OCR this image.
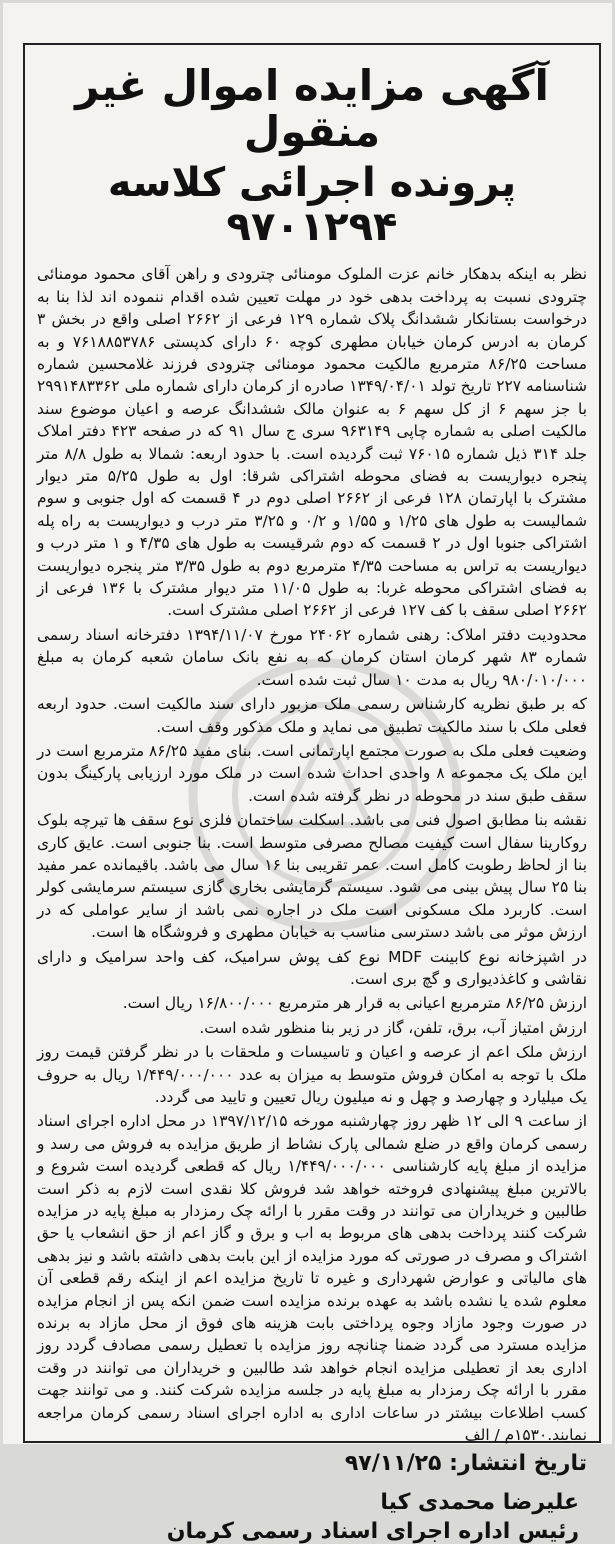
آگهی مزایده اموال غیر منقول
پرونده اجرائی کلاسه ۹۷۰۱۲۹۴

نظر به اینکه بدهکار خانم عزت الملوک مومنائی چترودی و راهن آقای محمود مومنائی چترودی نسبت به پرداخت بدهی خود در مهلت تعیین شده اقدام ننموده اند لذا بنا به درخواست بستانکار ششدانگ پلاک شماره ۱۲۹ فرعی از ۲۶۶۲ اصلی واقع در بخش ۳ کرمان به ادرس کرمان خیابان مطهری کوچه ۶۰ دارای کدپستی ۷۶۱۸۸۵۳۷۸۶ و به مساحت ۸۶/۲۵ مترمربع مالکیت محمود مومنائی چترودی فرزند غلامحسین شماره شناسنامه ۲۲۷ تاریخ تولد ۱۳۴۹/۰۴/۰۱ صادره از کرمان دارای شماره ملی ۲۹۹۱۴۸۳۳۶۲ با جز سهم ۶ از کل سهم ۶ به عنوان مالک ششدانگ عرصه و اعیان موضوع سند مالکیت اصلی به شماره چاپی ۹۶۳۱۴۹ سری ج سال ۹۱ که در صفحه ۴۲۳ دفتر املاک جلد ۳۱۴ ذیل شماره ۷۶۰۱۵ ثبت گردیده است. با حدود اربعه: شمالا به طول ۸/۸ متر پنجره دیواریست به فضای محوطه اشتراکی شرقا: اول به طول ۵/۲۵ متر دیوار مشترک با اپارتمان ۱۲۸ فرعی از ۲۶۶۲ اصلی دوم در ۴ قسمت که اول جنوبی و سوم شمالیست به طول های ۱/۲۵ و ۱/۵۵ و ۰/۲ و ۳/۲۵ متر درب و دیواریست به راه پله اشتراکی جنوبا اول در ۲ قسمت که دوم شرقیست به طول های ۴/۳۵ و ۱ متر درب و دیواریست به تراس به مساحت ۴/۳۵ مترمربع دوم به طول ۳/۳۵ متر پنجره دیواریست به فضای اشتراکی محوطه غربا: به طول ۱۱/۰۵ متر دیوار مشترک با ۱۳۶ فرعی از ۲۶۶۲ اصلی سقف با کف ۱۲۷ فرعی از ۲۶۶۲ اصلی مشترک است.

محدودیت دفتر املاک: رهنی شماره ۲۴۰۶۲ مورخ ۱۳۹۴/۱۱/۰۷ دفترخانه اسناد رسمی شماره ۸۳ شهر کرمان استان کرمان که به نفع بانک سامان شعبه کرمان به مبلغ ۹۸۰/۰۱۰/۰۰۰ ریال به مدت ۱۰ سال ثبت شده است.

که بر طبق نظریه کارشناس رسمی ملک مزبور دارای سند مالکیت است. حدود اربعه فعلی ملک با سند مالکیت تطبیق می نماید و ملک مذکور وقف است.

وضعیت فعلی ملک به صورت مجتمع اپارتمانی است. بنای مفید ۸۶/۲۵ مترمربع است در این ملک یک مجموعه ۸ واحدی احداث شده است در ملک مورد ارزیابی پارکینگ بدون سقف طبق سند در محوطه در نظر گرفته شده است.

نقشه بنا مطابق اصول فنی می باشد. اسکلت ساختمان فلزی نوع سقف ها تیرچه بلوک روکارینا سفال است کیفیت مصالح مصرفی متوسط است. بنا جنوبی است. عایق کاری بنا از لحاظ رطوبت کامل است. عمر تقریبی بنا ۱۶ سال می باشد. باقیمانده عمر مفید بنا ۲۵ سال پیش بینی می شود. سیستم گرمایشی بخاری گازی سیستم سرمایشی کولر است. کاربرد ملک مسکونی است ملک در اجاره نمی باشد از سایر عواملی که در ارزش موثر می باشد دسترسی مناسب به خیابان مطهری و فروشگاه ها است.

در اشپزخانه نوع کابینت MDF نوع کف پوش سرامیک، کف واحد سرامیک و دارای نقاشی و کاغذدیواری و گچ بری است.

ارزش ۸۶/۲۵ مترمربع اعیانی به قرار هر مترمربع ۱۶/۸۰۰/۰۰۰ ریال است.

ارزش امتیاز آب، برق، تلفن، گاز در زیر بنا منظور شده است.

ارزش ملک اعم از عرصه و اعیان و تاسیسات و ملحقات با در نظر گرفتن قیمت روز ملک با توجه به امکان فروش متوسط به میزان به عدد ۱/۴۴۹/۰۰۰/۰۰۰ ریال به حروف یک میلیارد و چهارصد و چهل و نه میلیون ریال تعیین و تایید می گردد.

از ساعت ۹ الی ۱۲ ظهر روز چهارشنبه مورخه ۱۳۹۷/۱۲/۱۵ در محل اداره اجرای اسناد رسمی کرمان واقع در ضلع شمالی پارک نشاط از طریق مزایده به فروش می رسد و مزایده از مبلغ پایه کارشناسی ۱/۴۴۹/۰۰۰/۰۰۰ ریال که قطعی گردیده است شروع و بالاترین مبلغ پیشنهادی فروخته خواهد شد فروش کلا نقدی است لازم به ذکر است طالبین و خریداران می توانند در وقت مقرر با ارائه چک رمزدار به مبلغ پایه در مزایده شرکت کنند پرداخت بدهی های مربوط به اب و برق و گاز اعم از حق انشعاب یا حق اشتراک و مصرف در صورتی که مورد مزایده از این بابت بدهی داشته باشد و نیز بدهی های مالیاتی و عوارض شهرداری و غیره تا تاریخ مزایده اعم از اینکه رقم قطعی آن معلوم شده یا نشده باشد به عهده برنده مزایده است ضمن انکه پس از انجام مزایده در صورت وجود مازاد وجوه پرداختی بابت هزینه های فوق از محل مازاد به برنده مزایده مسترد می گردد ضمنا چنانچه روز مزایده با تعطیل رسمی مصادف گردد روز اداری بعد از تعطیلی مزایده انجام خواهد شد طالبین و خریداران می توانند در وقت مقرر با ارائه چک رمزدار به مبلغ پایه در جلسه مزایده شرکت کنند. و می توانند جهت کسب اطلاعات بیشتر در ساعات اداری به اداره اجرای اسناد رسمی کرمان مراجعه نمایند.۱۵۳۰م / الف

تاریخ انتشار: ۹۷/۱۱/۲۵
علیرضا محمدی کیا
رئیس اداره اجرای اسناد رسمی کرمان
